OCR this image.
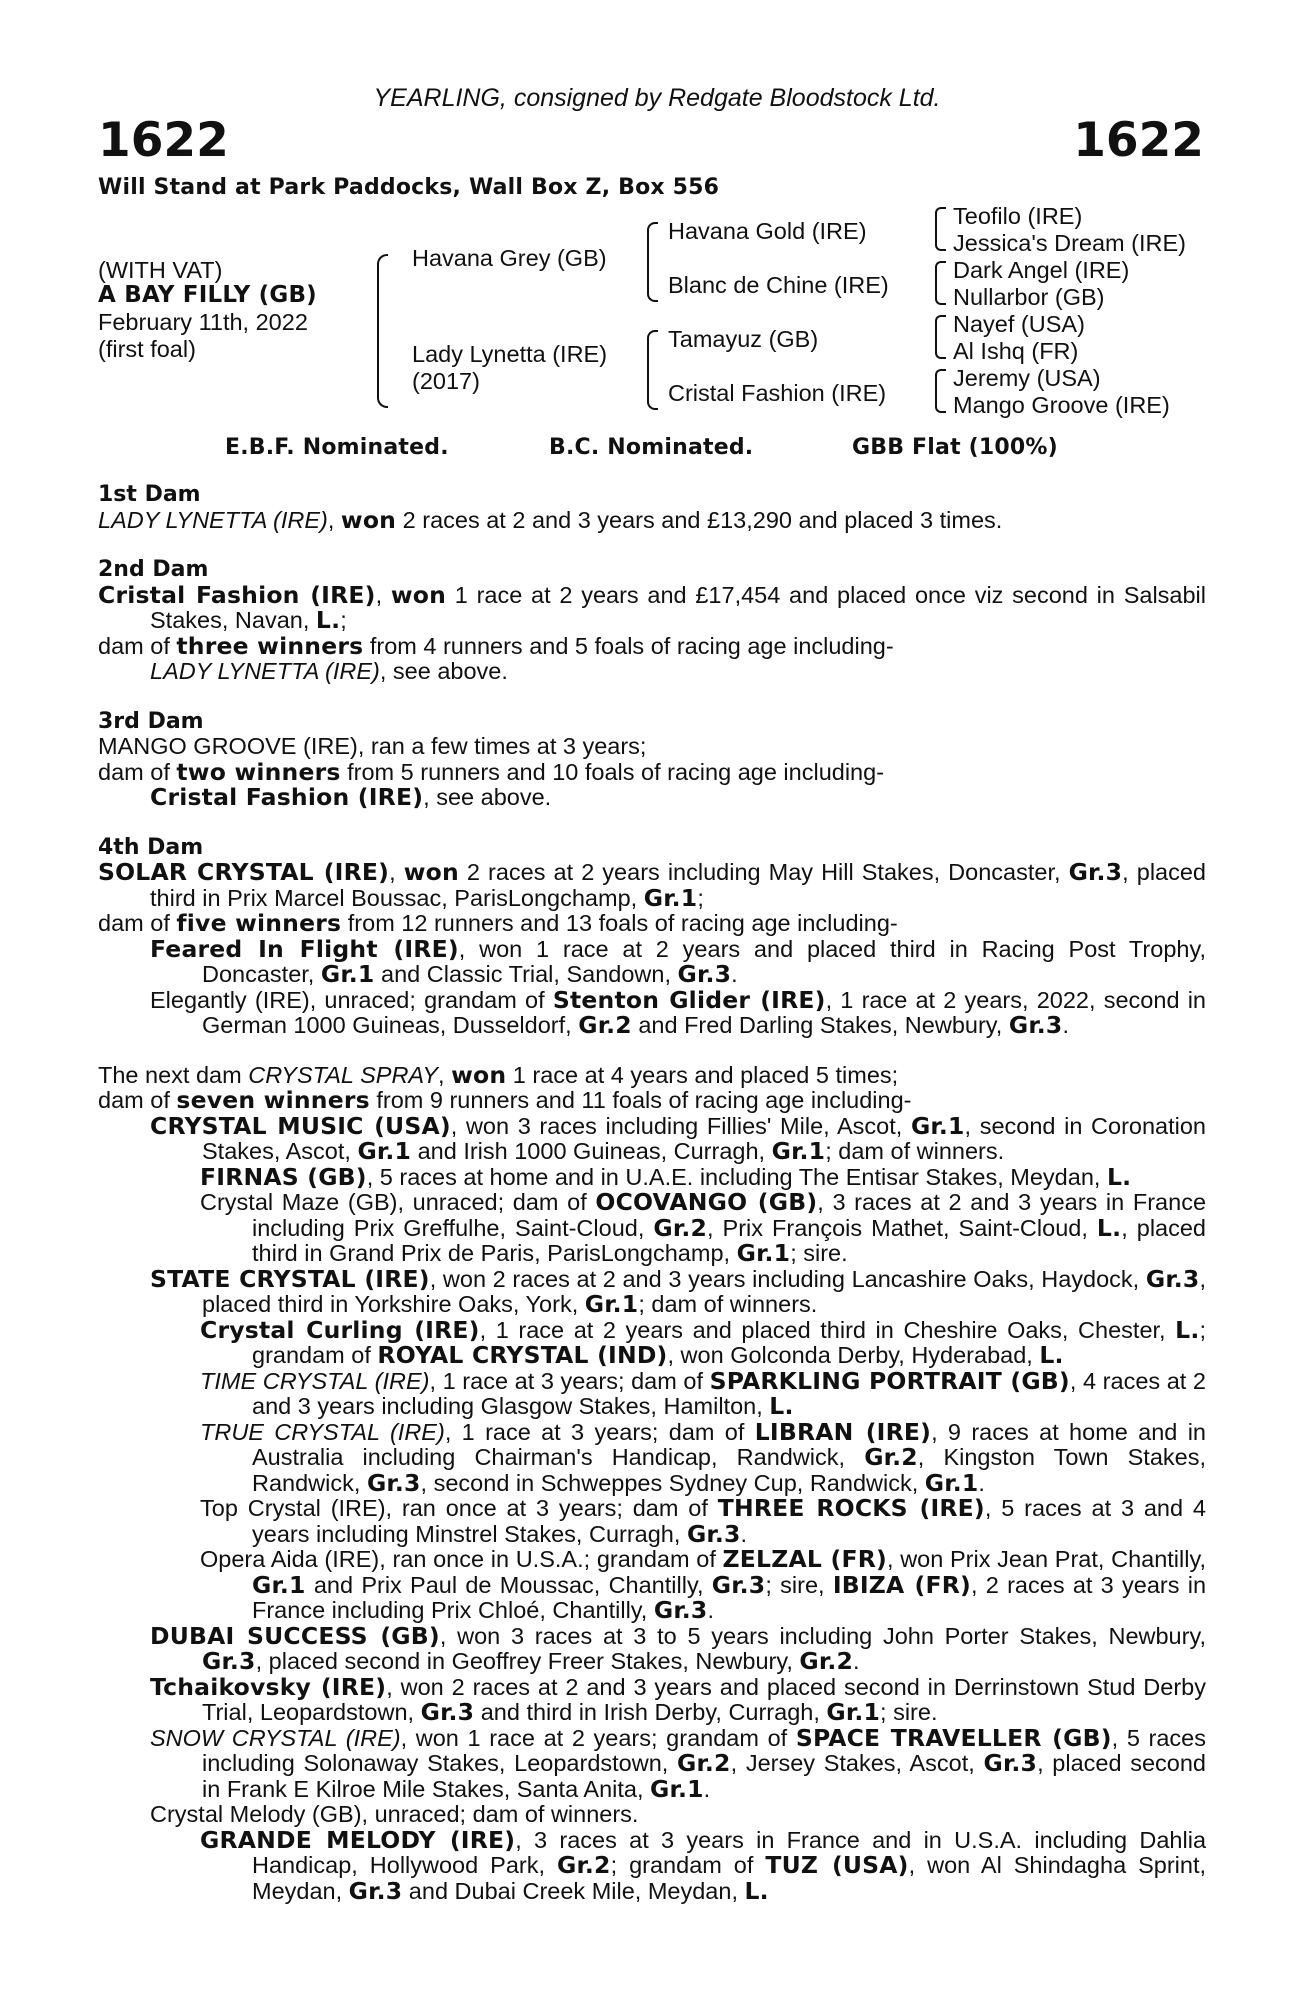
YEARLING, consigned by Redgate Bloodstock Ltd.
1622	1622
Will Stand at Park Paddocks, Wall Box Z, Box 556
(WITH VAT)
A BAY FILLY (GB)
February 11th, 2022
(first foal)
Havana Grey (GB)
Lady Lynetta (IRE)
(2017)
Havana Gold (IRE)
Blanc de Chine (IRE)
Tamayuz (GB)
Cristal Fashion (IRE)
Teofilo (IRE)
Jessica's Dream (IRE)
Dark Angel (IRE)
Nullarbor (GB)
Nayef (USA)
Al Ishq (FR)
Jeremy (USA)
Mango Groove (IRE)
E.B.F. Nominated.	B.C. Nominated.	GBB Flat (100%)
1st Dam
LADY LYNETTA (IRE), won 2 races at 2 and 3 years and £13,290 and placed 3 times.
2nd Dam
Cristal Fashion (IRE), won 1 race at 2 years and £17,454 and placed once viz second in Salsabil Stakes, Navan, L.;
dam of three winners from 4 runners and 5 foals of racing age including-
LADY LYNETTA (IRE), see above.
3rd Dam
MANGO GROOVE (IRE), ran a few times at 3 years;
dam of two winners from 5 runners and 10 foals of racing age including-
Cristal Fashion (IRE), see above.
4th Dam
SOLAR CRYSTAL (IRE), won 2 races at 2 years including May Hill Stakes, Doncaster, Gr.3, placed third in Prix Marcel Boussac, ParisLongchamp, Gr.1;
dam of five winners from 12 runners and 13 foals of racing age including-
Feared In Flight (IRE), won 1 race at 2 years and placed third in Racing Post Trophy, Doncaster, Gr.1 and Classic Trial, Sandown, Gr.3.
Elegantly (IRE), unraced; grandam of Stenton Glider (IRE), 1 race at 2 years, 2022, second in German 1000 Guineas, Dusseldorf, Gr.2 and Fred Darling Stakes, Newbury, Gr.3.
The next dam CRYSTAL SPRAY, won 1 race at 4 years and placed 5 times;
dam of seven winners from 9 runners and 11 foals of racing age including-
CRYSTAL MUSIC (USA), won 3 races including Fillies' Mile, Ascot, Gr.1, second in Coronation Stakes, Ascot, Gr.1 and Irish 1000 Guineas, Curragh, Gr.1; dam of winners.
FIRNAS (GB), 5 races at home and in U.A.E. including The Entisar Stakes, Meydan, L.
Crystal Maze (GB), unraced; dam of OCOVANGO (GB), 3 races at 2 and 3 years in France including Prix Greffulhe, Saint-Cloud, Gr.2, Prix François Mathet, Saint-Cloud, L., placed third in Grand Prix de Paris, ParisLongchamp, Gr.1; sire.
STATE CRYSTAL (IRE), won 2 races at 2 and 3 years including Lancashire Oaks, Haydock, Gr.3, placed third in Yorkshire Oaks, York, Gr.1; dam of winners.
Crystal Curling (IRE), 1 race at 2 years and placed third in Cheshire Oaks, Chester, L.; grandam of ROYAL CRYSTAL (IND), won Golconda Derby, Hyderabad, L.
TIME CRYSTAL (IRE), 1 race at 3 years; dam of SPARKLING PORTRAIT (GB), 4 races at 2 and 3 years including Glasgow Stakes, Hamilton, L.
TRUE CRYSTAL (IRE), 1 race at 3 years; dam of LIBRAN (IRE), 9 races at home and in Australia including Chairman's Handicap, Randwick, Gr.2, Kingston Town Stakes, Randwick, Gr.3, second in Schweppes Sydney Cup, Randwick, Gr.1.
Top Crystal (IRE), ran once at 3 years; dam of THREE ROCKS (IRE), 5 races at 3 and 4 years including Minstrel Stakes, Curragh, Gr.3.
Opera Aida (IRE), ran once in U.S.A.; grandam of ZELZAL (FR), won Prix Jean Prat, Chantilly, Gr.1 and Prix Paul de Moussac, Chantilly, Gr.3; sire, IBIZA (FR), 2 races at 3 years in France including Prix Chloé, Chantilly, Gr.3.
DUBAI SUCCESS (GB), won 3 races at 3 to 5 years including John Porter Stakes, Newbury, Gr.3, placed second in Geoffrey Freer Stakes, Newbury, Gr.2.
Tchaikovsky (IRE), won 2 races at 2 and 3 years and placed second in Derrinstown Stud Derby Trial, Leopardstown, Gr.3 and third in Irish Derby, Curragh, Gr.1; sire.
SNOW CRYSTAL (IRE), won 1 race at 2 years; grandam of SPACE TRAVELLER (GB), 5 races including Solonaway Stakes, Leopardstown, Gr.2, Jersey Stakes, Ascot, Gr.3, placed second in Frank E Kilroe Mile Stakes, Santa Anita, Gr.1.
Crystal Melody (GB), unraced; dam of winners.
GRANDE MELODY (IRE), 3 races at 3 years in France and in U.S.A. including Dahlia Handicap, Hollywood Park, Gr.2; grandam of TUZ (USA), won Al Shindagha Sprint, Meydan, Gr.3 and Dubai Creek Mile, Meydan, L.
